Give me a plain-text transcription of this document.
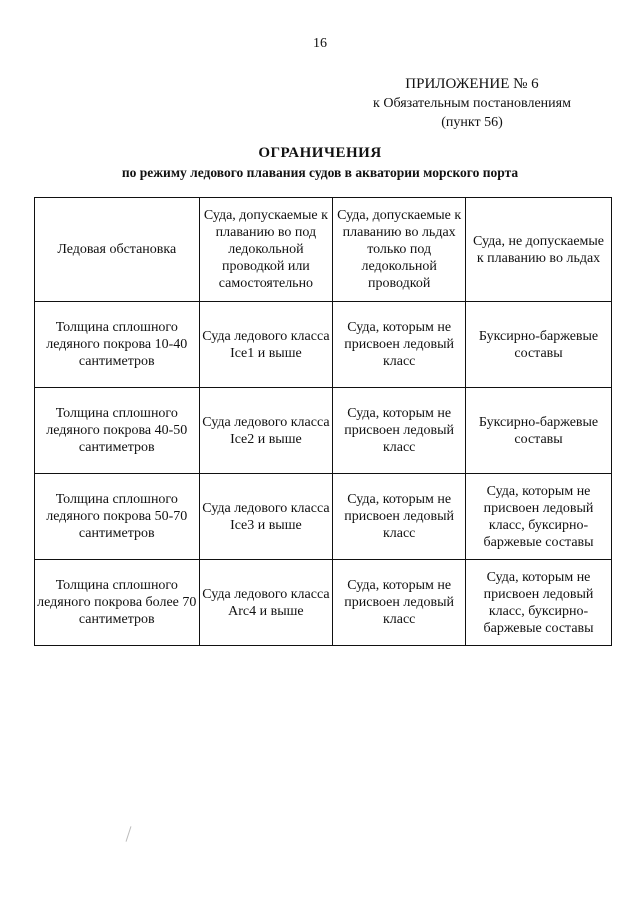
16
ПРИЛОЖЕНИЕ № 6
к Обязательным постановлениям
(пункт 56)
ОГРАНИЧЕНИЯ
по режиму ледового плавания судов в акватории морского порта
Ледовая обстановка	Суда, допускаемые к плаванию во под ледокольной проводкой или самостоятельно	Суда, допускаемые к плаванию во льдах только под ледокольной проводкой	Суда, не допускаемые к плаванию во льдах
Толщина сплошного ледяного покрова 10-40 сантиметров	Суда ледового класса Ice1 и выше	Суда, которым не присвоен ледовый класс	Буксирно-баржевые составы
Толщина сплошного ледяного покрова 40-50 сантиметров	Суда ледового класса Ice2 и выше	Суда, которым не присвоен ледовый класс	Буксирно-баржевые составы
Толщина сплошного ледяного покрова 50-70 сантиметров	Суда ледового класса Ice3 и выше	Суда, которым не присвоен ледовый класс	Суда, которым не присвоен ледовый класс, буксирно-баржевые составы
Толщина сплошного ледяного покрова более 70 сантиметров	Суда ледового класса Arc4 и выше	Суда, которым не присвоен ледовый класс	Суда, которым не присвоен ледовый класс, буксирно-баржевые составы
